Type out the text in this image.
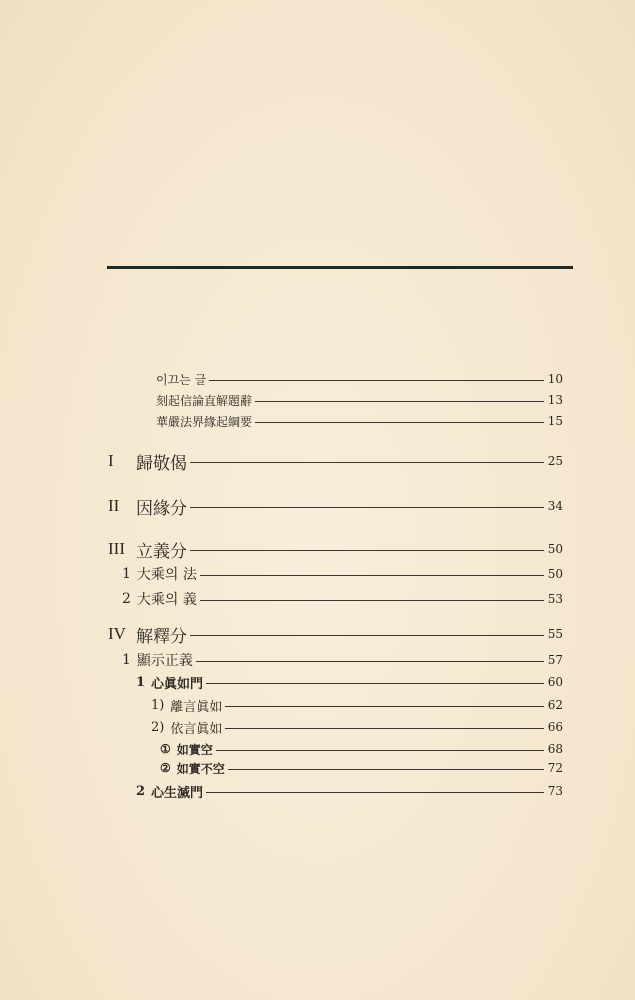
이끄는 글	10
刻起信論直解題辭	13
華嚴法界緣起綱要	15
I	歸敬偈	25
II 因緣分	34
III 立義分	50
1 大乘의 法	50
2 大乘의 義	53
IV 解釋分	55
1 顯示正義	57
1 心眞如門	60
1) 離言眞如	62
2) 依言眞如	66
① 如實空	68
② 如實不空	72
2 心生滅門	73
